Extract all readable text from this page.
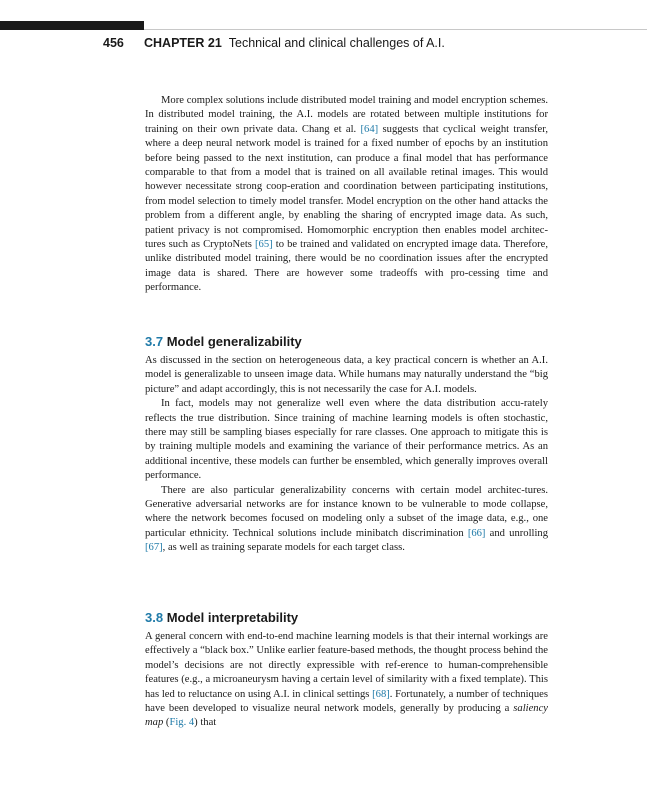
456 CHAPTER 21 Technical and clinical challenges of A.I.

More complex solutions include distributed model training and model encryption schemes. In distributed model training, the A.I. models are rotated between multiple institutions for training on their own private data. Chang et al. [64] suggests that cyclical weight transfer, where a deep neural network model is trained for a fixed number of epochs by an institution before being passed to the next institution, can produce a final model that has performance comparable to that from a model that is trained on all available retinal images. This would however necessitate strong coop-eration and coordination between participating institutions, from model selection to timely model transfer. Model encryption on the other hand attacks the problem from a different angle, by enabling the sharing of encrypted image data. As such, patient privacy is not compromised. Homomorphic encryption then enables model architec-tures such as CryptoNets [65] to be trained and validated on encrypted image data. Therefore, unlike distributed model training, there would be no coordination issues after the encrypted image data is shared. There are however some tradeoffs with pro-cessing time and performance.

3.7 Model generalizability

As discussed in the section on heterogeneous data, a key practical concern is whether an A.I. model is generalizable to unseen image data. While humans may naturally understand the “big picture” and adapt accordingly, this is not necessarily the case for A.I. models.

In fact, models may not generalize well even where the data distribution accu-rately reflects the true distribution. Since training of machine learning models is often stochastic, there may still be sampling biases especially for rare classes. One approach to mitigate this is by training multiple models and examining the variance of their performance metrics. As an additional incentive, these models can further be ensembled, which generally improves overall performance.

There are also particular generalizability concerns with certain model architec-tures. Generative adversarial networks are for instance known to be vulnerable to mode collapse, where the network becomes focused on modeling only a subset of the image data, e.g., one particular ethnicity. Technical solutions include minibatch discrimination [66] and unrolling [67], as well as training separate models for each target class.

3.8 Model interpretability

A general concern with end-to-end machine learning models is that their internal workings are effectively a “black box.” Unlike earlier feature-based methods, the thought process behind the model’s decisions are not directly expressible with ref-erence to human-comprehensible features (e.g., a microaneurysm having a certain level of similarity with a fixed template). This has led to reluctance on using A.I. in clinical settings [68]. Fortunately, a number of techniques have been developed to visualize neural network models, generally by producing a saliency map (Fig. 4) that
